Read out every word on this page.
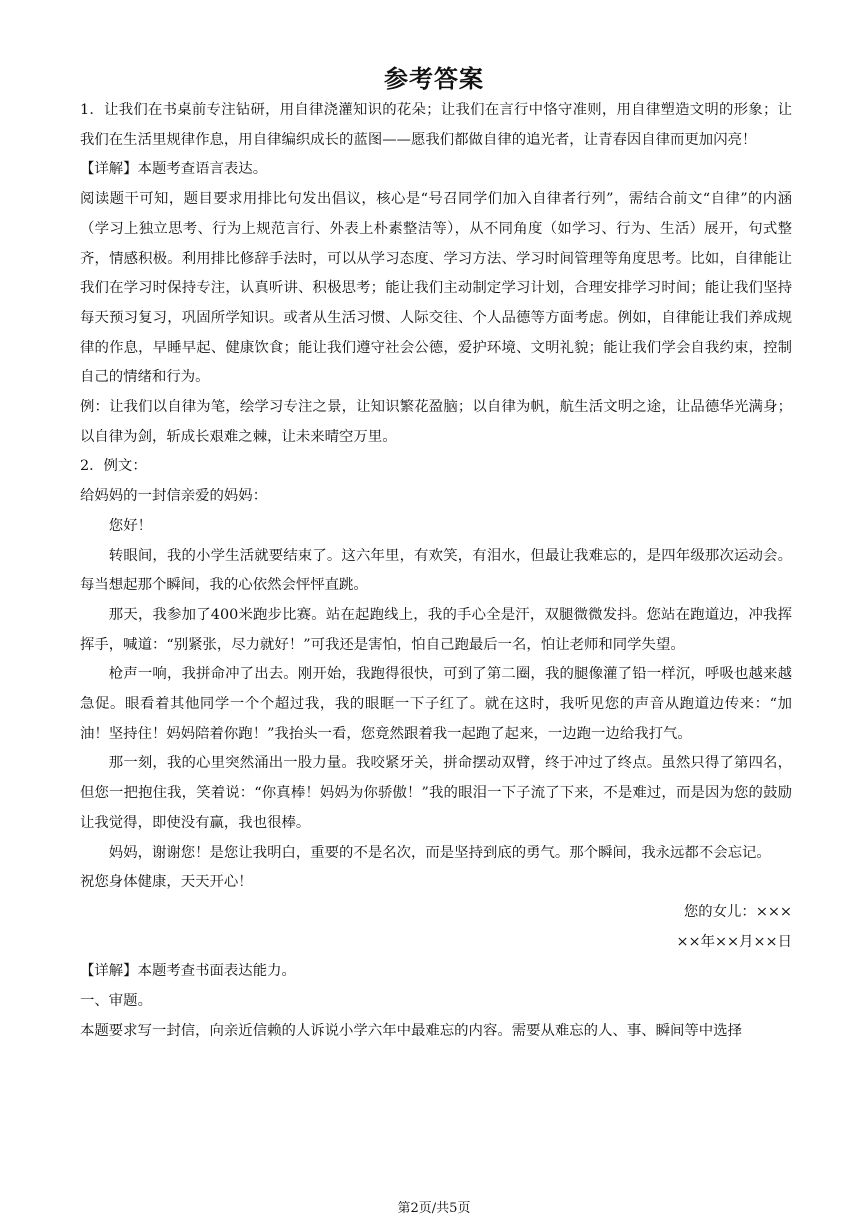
参考答案

1．让我们在书桌前专注钻研，用自律浇灌知识的花朵；让我们在言行中恪守准则，用自律塑造文明的形象；让我们在生活里规律作息，用自律编织成长的蓝图——愿我们都做自律的追光者，让青春因自律而更加闪亮！

【详解】本题考查语言表达。

阅读题干可知，题目要求用排比句发出倡议，核心是“号召同学们加入自律者行列”，需结合前文“自律”的内涵（学习上独立思考、行为上规范言行、外表上朴素整洁等），从不同角度（如学习、行为、生活）展开，句式整齐，情感积极。利用排比修辞手法时，可以从学习态度、学习方法、学习时间管理等角度思考。比如，自律能让我们在学习时保持专注，认真听讲、积极思考；能让我们主动制定学习计划，合理安排学习时间；能让我们坚持每天预习复习，巩固所学知识。或者从生活习惯、人际交往、个人品德等方面考虑。例如，自律能让我们养成规律的作息，早睡早起、健康饮食；能让我们遵守社会公德，爱护环境、文明礼貌；能让我们学会自我约束，控制自己的情绪和行为。

例：让我们以自律为笔，绘学习专注之景，让知识繁花盈脑；以自律为帆，航生活文明之途，让品德华光满身；以自律为剑，斩成长艰难之棘，让未来晴空万里。

2．例文：

给妈妈的一封信亲爱的妈妈：

您好！

转眼间，我的小学生活就要结束了。这六年里，有欢笑，有泪水，但最让我难忘的，是四年级那次运动会。每当想起那个瞬间，我的心依然会怦怦直跳。

那天，我参加了400米跑步比赛。站在起跑线上，我的手心全是汗，双腿微微发抖。您站在跑道边，冲我挥挥手，喊道：“别紧张，尽力就好！”可我还是害怕，怕自己跑最后一名，怕让老师和同学失望。

枪声一响，我拼命冲了出去。刚开始，我跑得很快，可到了第二圈，我的腿像灌了铅一样沉，呼吸也越来越急促。眼看着其他同学一个个超过我，我的眼眶一下子红了。就在这时，我听见您的声音从跑道边传来：“加油！坚持住！妈妈陪着你跑！”我抬头一看，您竟然跟着我一起跑了起来，一边跑一边给我打气。

那一刻，我的心里突然涌出一股力量。我咬紧牙关，拼命摆动双臂，终于冲过了终点。虽然只得了第四名，但您一把抱住我，笑着说：“你真棒！妈妈为你骄傲！”我的眼泪一下子流了下来，不是难过，而是因为您的鼓励让我觉得，即使没有赢，我也很棒。

妈妈，谢谢您！是您让我明白，重要的不是名次，而是坚持到底的勇气。那个瞬间，我永远都不会忘记。

祝您身体健康，天天开心！

您的女儿：×××

××年××月××日

【详解】本题考查书面表达能力。

一、审题。

本题要求写一封信，向亲近信赖的人诉说小学六年中最难忘的内容。需要从难忘的人、事、瞬间等中选择

第2页/共5页
